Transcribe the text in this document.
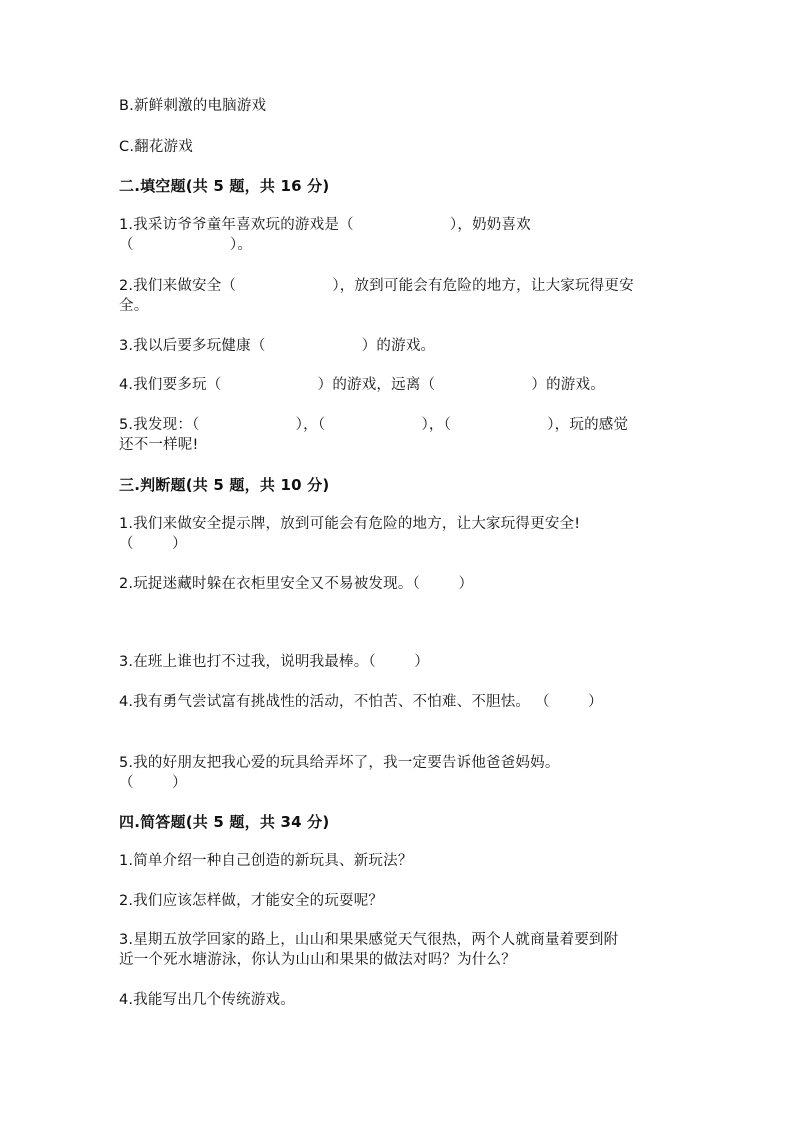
B.新鲜刺激的电脑游戏
C.翻花游戏
二.填空题(共 5 题，共 16 分)
1.我采访爷爷童年喜欢玩的游戏是（                    ），奶奶喜欢
（                    ）。
2.我们来做安全（                    ），放到可能会有危险的地方，让大家玩得更安
全。
3.我以后要多玩健康（                    ）的游戏。
4.我们要多玩（                    ）的游戏，远离（                    ）的游戏。
5.我发现：（                    ），（                    ），（                    ），玩的感觉
还不一样呢!
三.判断题(共 5 题，共 10 分)
1.我们来做安全提示牌，放到可能会有危险的地方，让大家玩得更安全!
（        ）
2.玩捉迷藏时躲在衣柜里安全又不易被发现。（        ）
3.在班上谁也打不过我，说明我最棒。（        ）
4.我有勇气尝试富有挑战性的活动，不怕苦、不怕难、不胆怯。 （        ）
5.我的好朋友把我心爱的玩具给弄坏了，我一定要告诉他爸爸妈妈。
（        ）
四.简答题(共 5 题，共 34 分)
1.简单介绍一种自己创造的新玩具、新玩法？
2.我们应该怎样做，才能安全的玩耍呢？
3.星期五放学回家的路上，山山和果果感觉天气很热，两个人就商量着要到附
近一个死水塘游泳，你认为山山和果果的做法对吗？为什么？
4.我能写出几个传统游戏。
